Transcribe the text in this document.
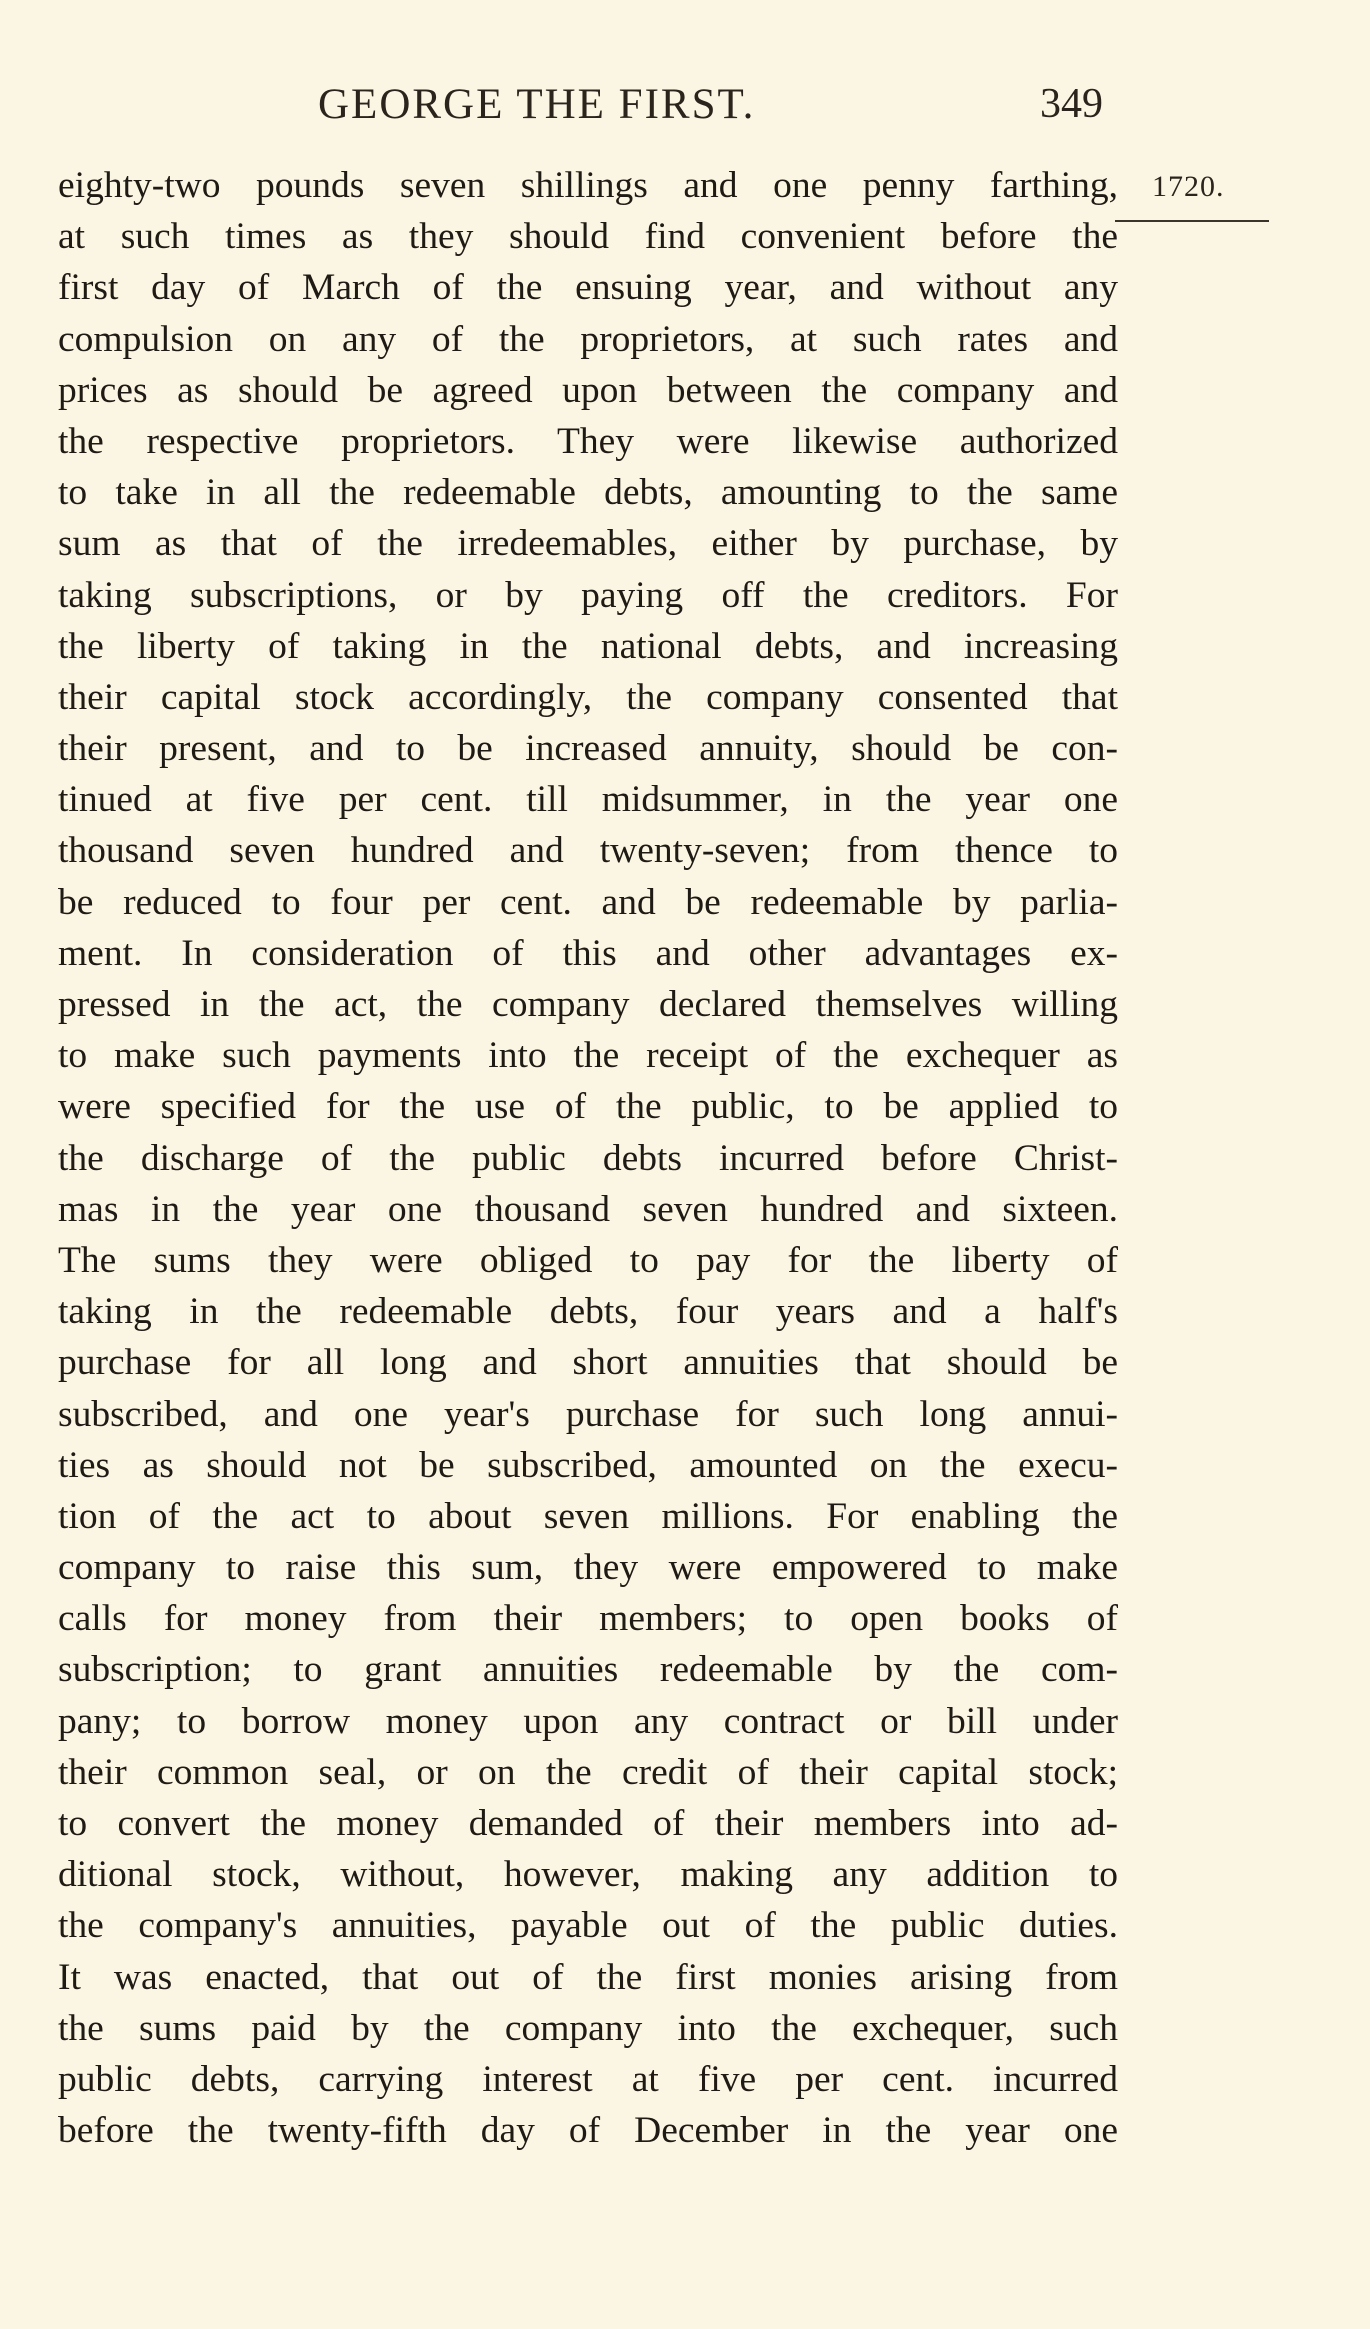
GEORGE THE FIRST.	349
1720.
eighty-two pounds seven shillings and one penny farthing,
at such times as they should find convenient before the
first day of March of the ensuing year, and without any
compulsion on any of the proprietors, at such rates and
prices as should be agreed upon between the company and
the respective proprietors. They were likewise authorized
to take in all the redeemable debts, amounting to the same
sum as that of the irredeemables, either by purchase, by
taking subscriptions, or by paying off the creditors. For
the liberty of taking in the national debts, and increasing
their capital stock accordingly, the company consented that
their present, and to be increased annuity, should be con-
tinued at five per cent. till midsummer, in the year one
thousand seven hundred and twenty-seven; from thence to
be reduced to four per cent. and be redeemable by parlia-
ment. In consideration of this and other advantages ex-
pressed in the act, the company declared themselves willing
to make such payments into the receipt of the exchequer as
were specified for the use of the public, to be applied to
the discharge of the public debts incurred before Christ-
mas in the year one thousand seven hundred and sixteen.
The sums they were obliged to pay for the liberty of
taking in the redeemable debts, four years and a half's
purchase for all long and short annuities that should be
subscribed, and one year's purchase for such long annui-
ties as should not be subscribed, amounted on the execu-
tion of the act to about seven millions. For enabling the
company to raise this sum, they were empowered to make
calls for money from their members; to open books of
subscription; to grant annuities redeemable by the com-
pany; to borrow money upon any contract or bill under
their common seal, or on the credit of their capital stock;
to convert the money demanded of their members into ad-
ditional stock, without, however, making any addition to
the company's annuities, payable out of the public duties.
It was enacted, that out of the first monies arising from
the sums paid by the company into the exchequer, such
public debts, carrying interest at five per cent. incurred
before the twenty-fifth day of December in the year one
